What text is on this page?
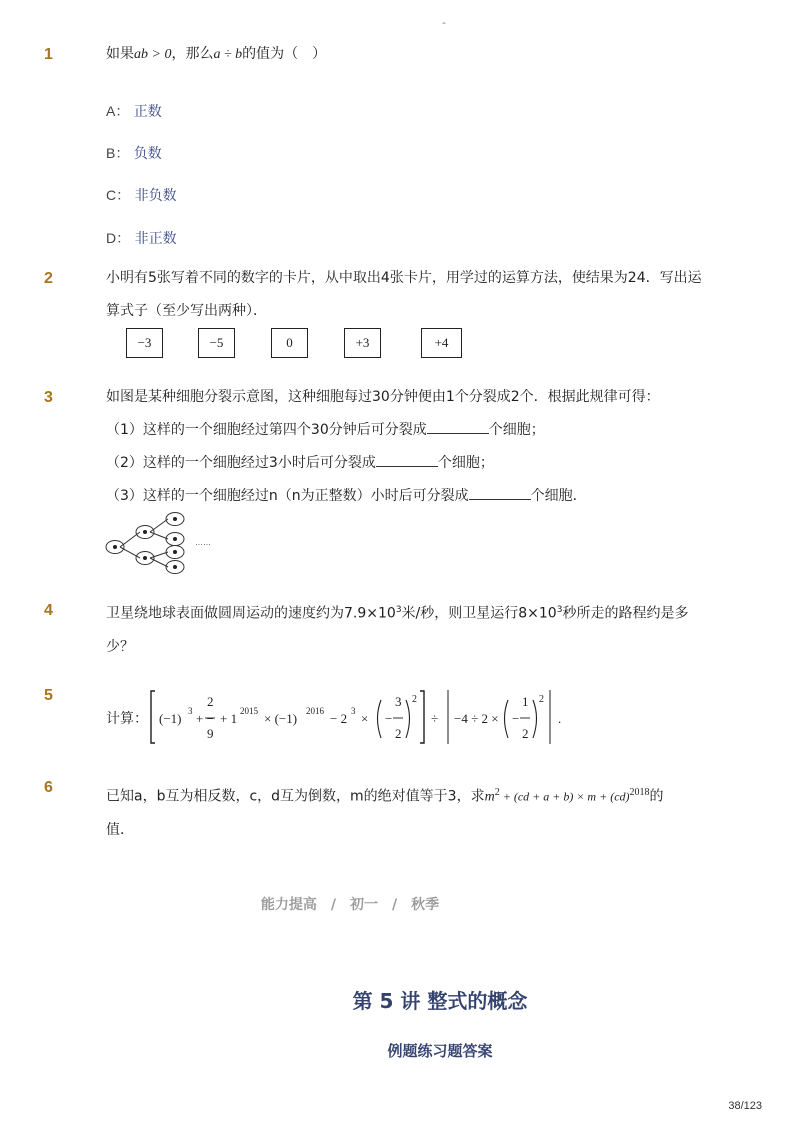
-
1	如果ab > 0，那么a ÷ b的值为（　）
A： 正数
B： 负数
C： 非负数
D： 非正数
2	小明有5张写着不同的数字的卡片，从中取出4张卡片，用学过的运算方法，使结果为24．写出运
算式子（至少写出两种）．
−3	−5	0	+3	+4
3	如图是某种细胞分裂示意图，这种细胞每过30分钟便由1个分裂成2个．根据此规律可得：
（1）这样的一个细胞经过第四个30分钟后可分裂成	个细胞；
（2）这样的一个细胞经过3小时后可分裂成	个细胞；
（3）这样的一个细胞经过n（n为正整数）小时后可分裂成	个细胞．
……
4	卫星绕地球表面做圆周运动的速度约为$7.9\times 10^3$米/秒，则卫星运行$8\times 10^3$秒所走的路程约是多
少？
5
计算： (−1) 3 + −
2
9
+ 1 2015 × (−1) 2016 − 2 3 × −
3
2
2
÷ −4 ÷ 2 × −
1
2
2
.
6
已知a，b互为相反数，c，d互为倒数，m的绝对值等于3，求$m^2 + (cd + a + b) \times m + (cd)^{2018}$的
值．
能力提高　/　初一　/　秋季
第 5 讲 整式的概念
例题练习题答案
38/123
